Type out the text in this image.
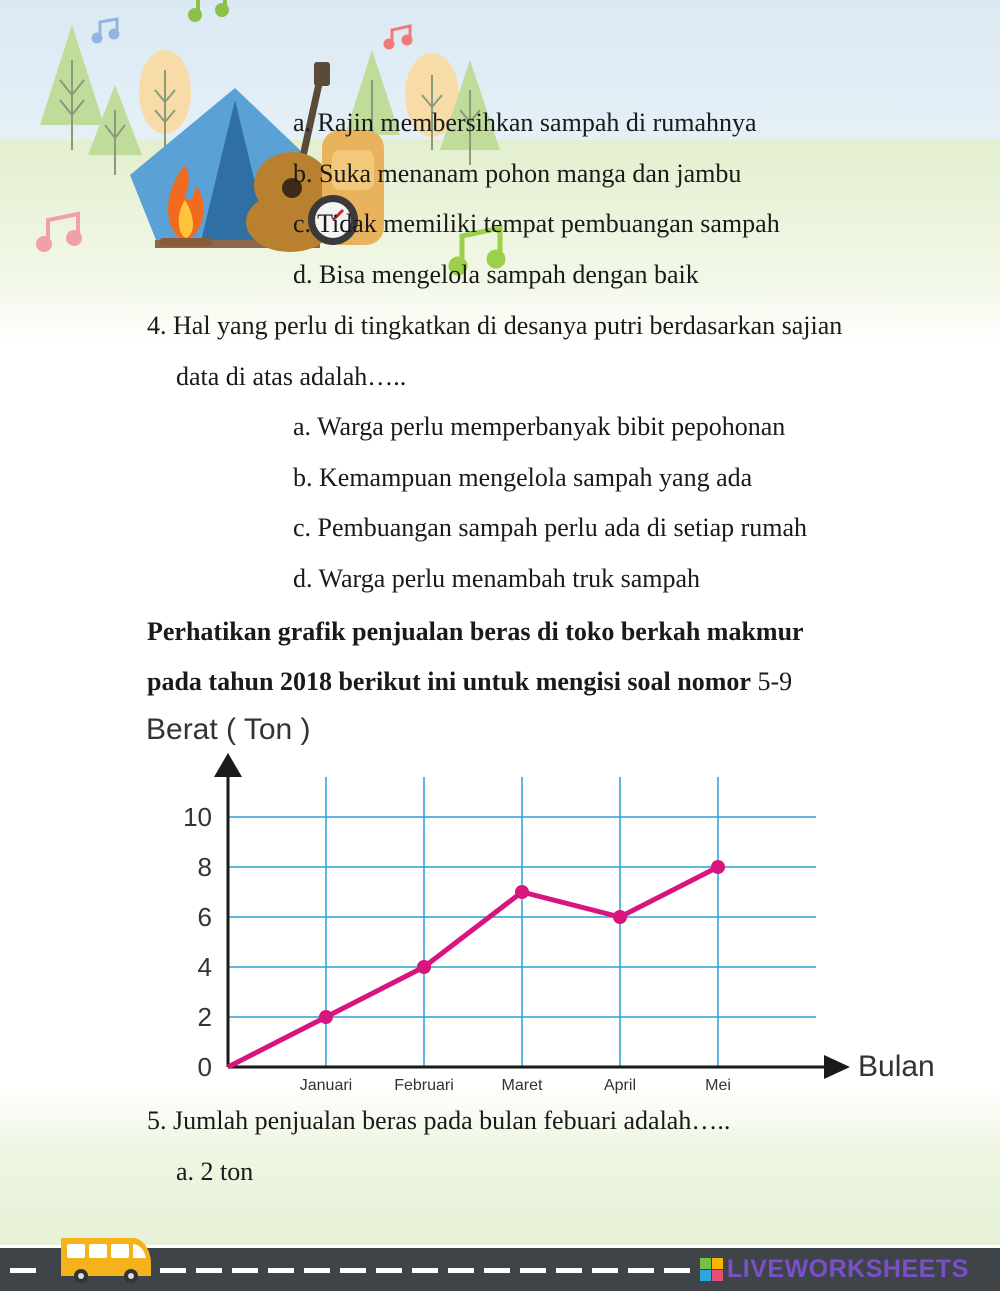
a. Rajin membersihkan sampah di rumahnya
b. Suka menanam pohon manga dan jambu
c. Tidak memiliki tempat pembuangan sampah
d. Bisa mengelola sampah dengan baik
4. Hal yang perlu di tingkatkan di desanya putri berdasarkan sajian
data di atas adalah…..
a. Warga perlu memperbanyak bibit pepohonan
b. Kemampuan mengelola sampah yang ada
c. Pembuangan sampah perlu ada di setiap rumah
d. Warga perlu menambah truk sampah
Perhatikan grafik penjualan beras di toko berkah makmur
pada tahun 2018 berikut ini untuk mengisi soal nomor 5-9
Berat ( Ton )
10
8
6
4
2
0
Januari	Februari	Maret	April	Mei
Bulan
5. Jumlah penjualan beras pada bulan febuari adalah…..
a. 2 ton
LIVEWORKSHEETS
